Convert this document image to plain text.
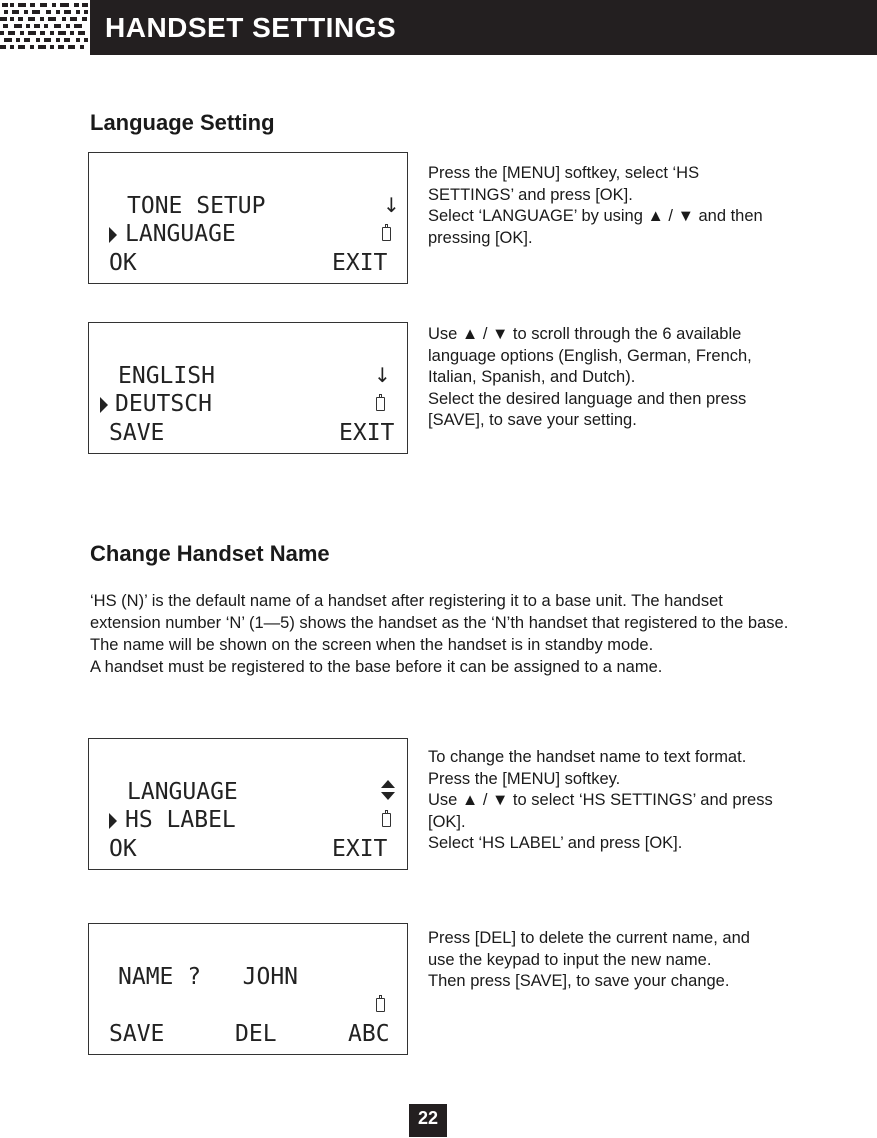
HANDSET SETTINGS
Language Setting
TONE SETUP	↓
LANGUAGE
OK	EXIT

Press the [MENU] softkey, select ‘HS SETTINGS’ and press [OK].

Select ‘LANGUAGE’ by using ▲ / ▼ and then pressing [OK].

ENGLISH	↓
DEUTSCH
SAVE	EXIT

Use ▲ / ▼ to scroll through the 6 available language options (English, German, French, Italian, Spanish, and Dutch).

Select the desired language and then press [SAVE], to save your setting.

Change Handset Name

‘HS (N)’ is the default name of a handset after registering it to a base unit. The handset extension number ‘N’ (1—5) shows the handset as the ‘N’th handset that registered to the base. The name will be shown on the screen when the handset is in standby mode.

A handset must be registered to the base before it can be assigned to a name.

LANGUAGE
HS LABEL
OK	EXIT

To change the handset name to text format.

Press the [MENU] softkey.

Use ▲ / ▼ to select ‘HS SETTINGS’ and press [OK].

Select ‘HS LABEL’ and press [OK].

NAME ?   JOHN
SAVE	DEL	ABC

Press [DEL] to delete the current name, and use the keypad to input the new name.

Then press [SAVE], to save your change.

22
